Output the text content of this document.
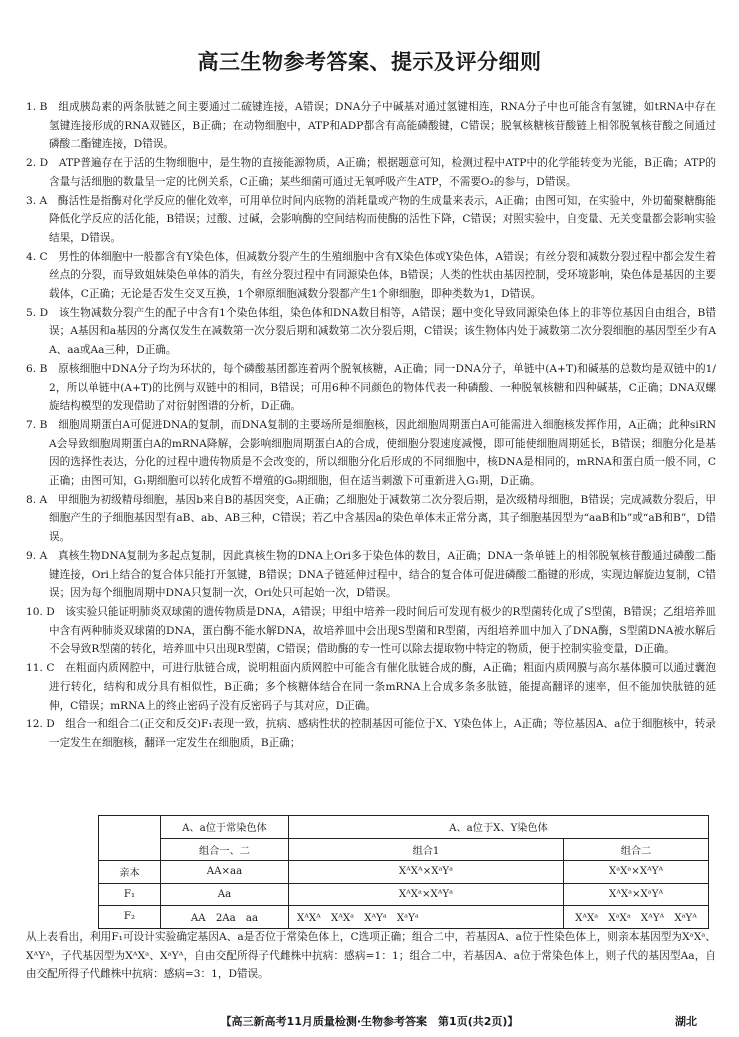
高三生物参考答案、提示及评分细则

1. B　组成胰岛素的两条肽链之间主要通过二硫键连接，A错误；DNA分子中碱基对通过氢键相连，RNA分子中也可能含有氢键，如tRNA中存在氢键连接形成的RNA双链区，B正确；在动物细胞中，ATP和ADP都含有高能磷酸键，C错误；脱氧核糖核苷酸链上相邻脱氧核苷酸之间通过磷酸二酯键连接，D错误。

2. D　ATP普遍存在于活的生物细胞中，是生物的直接能源物质，A正确；根据题意可知，检测过程中ATP中的化学能转变为光能，B正确；ATP的含量与活细胞的数量呈一定的比例关系，C正确；某些细菌可通过无氧呼吸产生ATP，不需要O₂的参与，D错误。

3. A　酶活性是指酶对化学反应的催化效率，可用单位时间内底物的消耗量或产物的生成量来表示，A正确；由图可知，在实验中，外切葡聚糖酶能降低化学反应的活化能，B错误；过酸、过碱，会影响酶的空间结构而使酶的活性下降，C错误；对照实验中，自变量、无关变量都会影响实验结果，D错误。

4. C　男性的体细胞中一般都含有Y染色体，但减数分裂产生的生殖细胞中含有X染色体或Y染色体，A错误；有丝分裂和减数分裂过程中都会发生着丝点的分裂，而导致姐妹染色单体的消失，有丝分裂过程中有同源染色体，B错误；人类的性状由基因控制，受环境影响，染色体是基因的主要载体，C正确；无论是否发生交叉互换，1个卵原细胞减数分裂都产生1个卵细胞，即种类数为1，D错误。

5. D　该生物减数分裂产生的配子中含有1个染色体组，染色体和DNA数目相等，A错误；题中变化导致同源染色体上的非等位基因自由组合，B错误；A基因和a基因的分离仅发生在减数第一次分裂后期和减数第二次分裂后期，C错误；该生物体内处于减数第二次分裂细胞的基因型至少有AA、aa或Aa三种，D正确。

6. B　原核细胞中DNA分子均为环状的，每个磷酸基团都连着两个脱氧核糖，A正确；同一DNA分子，单链中(A+T)和碱基的总数均是双链中的1/2，所以单链中(A+T)的比例与双链中的相同，B错误；可用6种不同颜色的物体代表一种磷酸、一种脱氧核糖和四种碱基，C正确；DNA双螺旋结构模型的发现借助了对衍射图谱的分析，D正确。

7. B　细胞周期蛋白A可促进DNA的复制，而DNA复制的主要场所是细胞核，因此细胞周期蛋白A可能需进入细胞核发挥作用，A正确；此种siRNA会导致细胞周期蛋白A的mRNA降解，会影响细胞周期蛋白A的合成，使细胞分裂速度减慢，即可能使细胞周期延长，B错误；细胞分化是基因的选择性表达，分化的过程中遗传物质是不会改变的，所以细胞分化后形成的不同细胞中，核DNA是相同的，mRNA和蛋白质一般不同，C正确；由图可知，G₁期细胞可以转化成暂不增殖的G₀期细胞，但在适当刺激下可重新进入G₁期，D正确。

8. A　甲细胞为初级精母细胞，基因b来自B的基因突变，A正确；乙细胞处于减数第二次分裂后期，是次级精母细胞，B错误；完成减数分裂后，甲细胞产生的子细胞基因型有aB、ab、AB三种，C错误；若乙中含基因a的染色单体未正常分离，其子细胞基因型为“aaB和b”或“aB和B”，D错误。

9. A　真核生物DNA复制为多起点复制，因此真核生物的DNA上Ori多于染色体的数目，A正确；DNA一条单链上的相邻脱氧核苷酸通过磷酸二酯键连接，Ori上结合的复合体只能打开氢键，B错误；DNA子链延伸过程中，结合的复合体可促进磷酸二酯键的形成，实现边解旋边复制，C错误；因为每个细胞周期中DNA只复制一次，Ori处只可起始一次，D错误。

10. D　该实验只能证明肺炎双球菌的遗传物质是DNA，A错误；甲组中培养一段时间后可发现有极少的R型菌转化成了S型菌，B错误；乙组培养皿中含有两种肺炎双球菌的DNA，蛋白酶不能水解DNA，故培养皿中会出现S型菌和R型菌，丙组培养皿中加入了DNA酶，S型菌DNA被水解后不会导致R型菌的转化，培养皿中只出现R型菌，C错误；借助酶的专一性可以除去提取物中特定的物质，便于控制实验变量，D正确。

11. C　在粗面内质网腔中，可进行肽链合成，说明粗面内质网腔中可能含有催化肽链合成的酶，A正确；粗面内质网膜与高尔基体膜可以通过囊泡进行转化，结构和成分具有相似性，B正确；多个核糖体结合在同一条mRNA上合成多条多肽链，能提高翻译的速率，但不能加快肽链的延伸，C错误；mRNA上的终止密码子没有反密码子与其对应，D正确。

12. D　组合一和组合二(正交和反交)F₁表现一致，抗病、感病性状的控制基因可能位于X、Y染色体上，A正确；等位基因A、a位于细胞核中，转录一定发生在细胞核，翻译一定发生在细胞质，B正确；

	A、a位于常染色体	A、a位于X、Y染色体	
	组合一、二	组合1	组合二
亲本	AA×aa	XᴬXᴬ×XᵃYᵃ	XᵃXᵃ×XᴬYᴬ
F₁	Aa	XᴬXᵃ×XᴬYᵃ	XᴬXᵃ×XᵃYᴬ
F₂	AA　2Aa　aa	XᴬXᴬ　XᴬXᵃ　XᴬYᵃ　XᵃYᵃ	XᴬXᵃ　XᵃXᵃ　XᴬYᴬ　XᵃYᴬ

从上表看出，利用F₁可设计实验确定基因A、a是否位于常染色体上，C选项正确；组合二中，若基因A、a位于性染色体上，则亲本基因型为XᵃXᵃ、XᴬYᴬ，子代基因型为XᴬXᵃ、XᵃYᴬ，自由交配所得子代雌株中抗病：感病=1：1；组合二中，若基因A、a位于常染色体上，则子代的基因型Aa，自由交配所得子代雌株中抗病：感病=3：1，D错误。

【高三新高考11月质量检测·生物参考答案　第1页(共2页)】	湖北
